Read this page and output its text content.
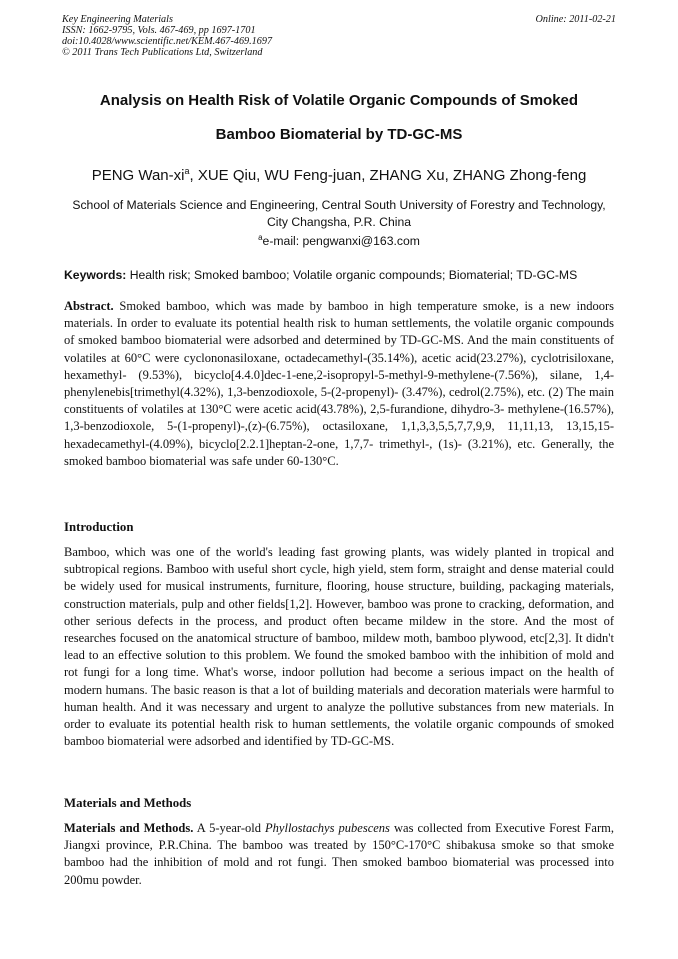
Key Engineering Materials
ISSN: 1662-9795, Vols. 467-469, pp 1697-1701
doi:10.4028/www.scientific.net/KEM.467-469.1697
© 2011 Trans Tech Publications Ltd, Switzerland
Online: 2011-02-21
Analysis on Health Risk of Volatile Organic Compounds of Smoked
Bamboo Biomaterial by TD-GC-MS
PENG Wan-$xi^a$, XUE Qiu, WU Feng-juan, ZHANG Xu, ZHANG Zhong-feng
School of Materials Science and Engineering, Central South University of Forestry and Technology,
City Changsha, P.R. China
$^a$e-mail: pengwanxi@163.com
Keywords: Health risk; Smoked bamboo; Volatile organic compounds; Biomaterial; TD-GC-MS
Abstract. Smoked bamboo, which was made by bamboo in high temperature smoke, is a new indoors materials. In order to evaluate its potential health risk to human settlements, the volatile organic compounds of smoked bamboo biomaterial were adsorbed and determined by TD-GC-MS. And the main constituents of volatiles at 60°C were cyclononasiloxane, octadecamethyl-(35.14%), acetic acid(23.27%), cyclotrisiloxane, hexamethyl- (9.53%), bicyclo[4.4.0]dec-1-ene,2-isopropyl-5-methyl-9-methylene-(7.56%), silane, 1,4-phenylenebis[trimethyl(4.32%), 1,3-benzodioxole, 5-(2-propenyl)- (3.47%), cedrol(2.75%), etc. (2) The main constituents of volatiles at 130°C were acetic acid(43.78%), 2,5-furandione, dihydro-3- methylene-(16.57%), 1,3-benzodioxole, 5-(1-propenyl)-,(z)-(6.75%), octasiloxane, 1,1,3,3,5,5,7,7,9,9, 11,11,13, 13,15,15- hexadecamethyl-(4.09%), bicyclo[2.2.1]heptan-2-one, 1,7,7- trimethyl-, (1s)- (3.21%), etc. Generally, the smoked bamboo biomaterial was safe under 60-130°C.
Introduction
Bamboo, which was one of the world's leading fast growing plants, was widely planted in tropical and subtropical regions. Bamboo with useful short cycle, high yield, stem form, straight and dense material could be widely used for musical instruments, furniture, flooring, house structure, building, packaging materials, construction materials, pulp and other fields[1,2]. However, bamboo was prone to cracking, deformation, and other serious defects in the process, and product often became mildew in the store. And the most of researches focused on the anatomical structure of bamboo, mildew moth, bamboo plywood, etc[2,3]. It didn't lead to an effective solution to this problem. We found the smoked bamboo with the inhibition of mold and rot fungi for a long time. What's worse, indoor pollution had become a serious impact on the health of modern humans. The basic reason is that a lot of building materials and decoration materials were harmful to human health. And it was necessary and urgent to analyze the pollutive substances from new materials. In order to evaluate its potential health risk to human settlements, the volatile organic compounds of smoked bamboo biomaterial were adsorbed and identified by TD-GC-MS.
Materials and Methods
Materials and Methods. A 5-year-old Phyllostachys pubescens was collected from Executive Forest Farm, Jiangxi province, P.R.China. The bamboo was treated by 150°C-170°C shibakusa smoke so that smoke bamboo had the inhibition of mold and rot fungi. Then smoked bamboo biomaterial was processed into 200mu powder.
